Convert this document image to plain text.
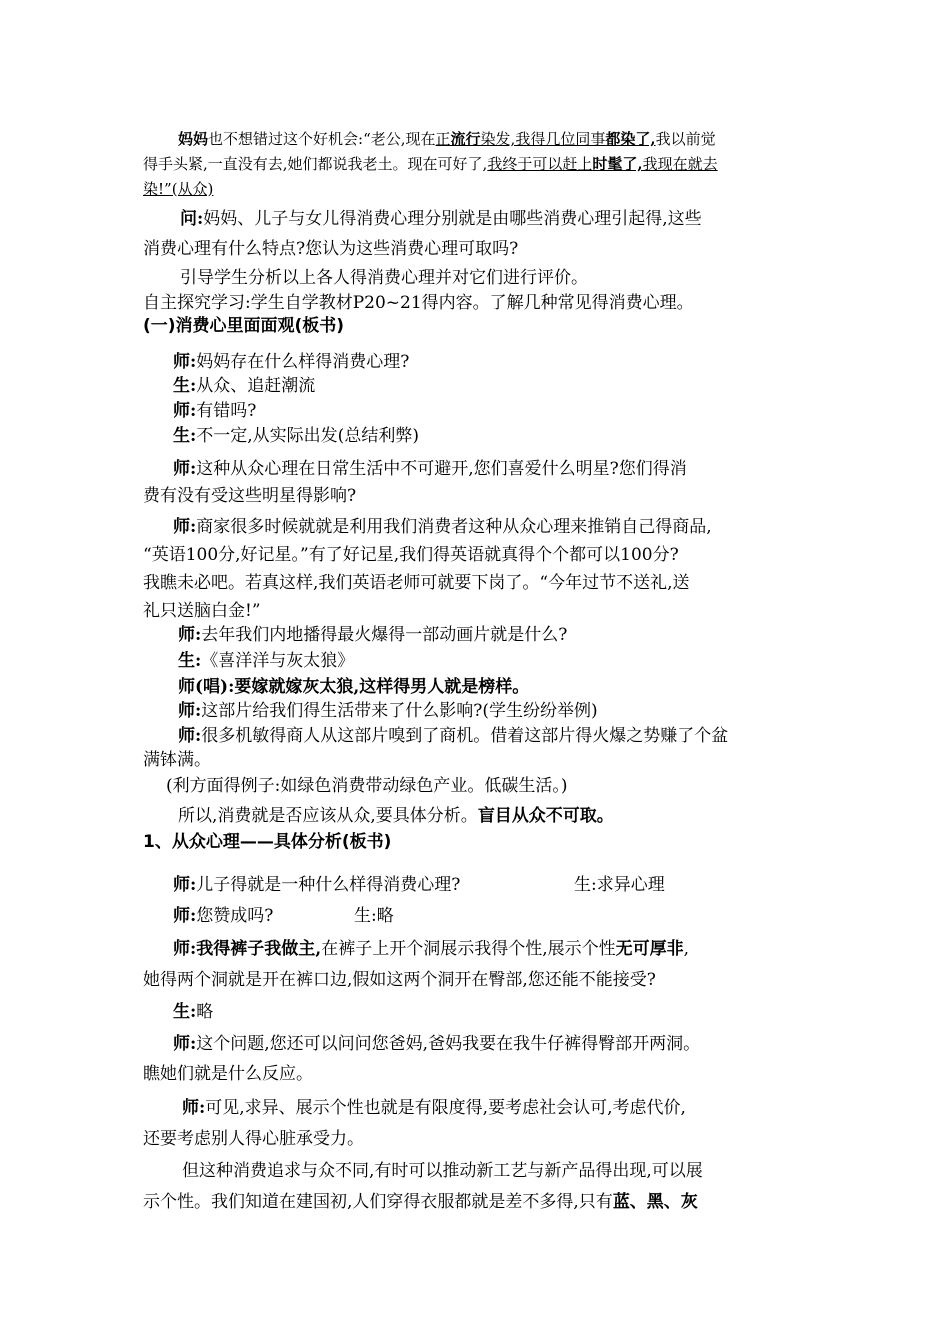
妈妈也不想错过这个好机会:“老公,现在正流行染发,我得几位同事都染了,我以前觉
得手头紧,一直没有去,她们都说我老土。现在可好了,我终于可以赶上时髦了,我现在就去
染!”(从众)
问:妈妈、儿子与女儿得消费心理分别就是由哪些消费心理引起得,这些
消费心理有什么特点?您认为这些消费心理可取吗?
引导学生分析以上各人得消费心理并对它们进行评价。
自主探究学习:学生自学教材P20~21得内容。了解几种常见得消费心理。
(一)消费心里面面观(板书)
师:妈妈存在什么样得消费心理?
生:从众、追赶潮流
师:有错吗?
生:不一定,从实际出发(总结利弊)
师:这种从众心理在日常生活中不可避开,您们喜爱什么明星?您们得消
费有没有受这些明星得影响?
师:商家很多时候就就是利用我们消费者这种从众心理来推销自己得商品,
“英语100分,好记星。”有了好记星,我们得英语就真得个个都可以100分?
我瞧未必吧。若真这样,我们英语老师可就要下岗了。“今年过节不送礼,送
礼只送脑白金!”
师:去年我们内地播得最火爆得一部动画片就是什么?
生:《喜洋洋与灰太狼》
师(唱):要嫁就嫁灰太狼,这样得男人就是榜样。
师:这部片给我们得生活带来了什么影响?(学生纷纷举例)
师:很多机敏得商人从这部片嗅到了商机。借着这部片得火爆之势赚了个盆
满钵满。
(利方面得例子:如绿色消费带动绿色产业。低碳生活。)
所以,消费就是否应该从众,要具体分析。盲目从众不可取。
1、从众心理——具体分析(板书)
师:儿子得就是一种什么样得消费心理?	生:求异心理
师:您赞成吗?	生:略
师:我得裤子我做主,在裤子上开个洞展示我得个性,展示个性无可厚非,
她得两个洞就是开在裤口边,假如这两个洞开在臀部,您还能不能接受?
生:略
师:这个问题,您还可以问问您爸妈,爸妈我要在我牛仔裤得臀部开两洞。
瞧她们就是什么反应。
师:可见,求异、展示个性也就是有限度得,要考虑社会认可,考虑代价,
还要考虑别人得心脏承受力。
但这种消费追求与众不同,有时可以推动新工艺与新产品得出现,可以展
示个性。我们知道在建国初,人们穿得衣服都就是差不多得,只有蓝、黑、灰
